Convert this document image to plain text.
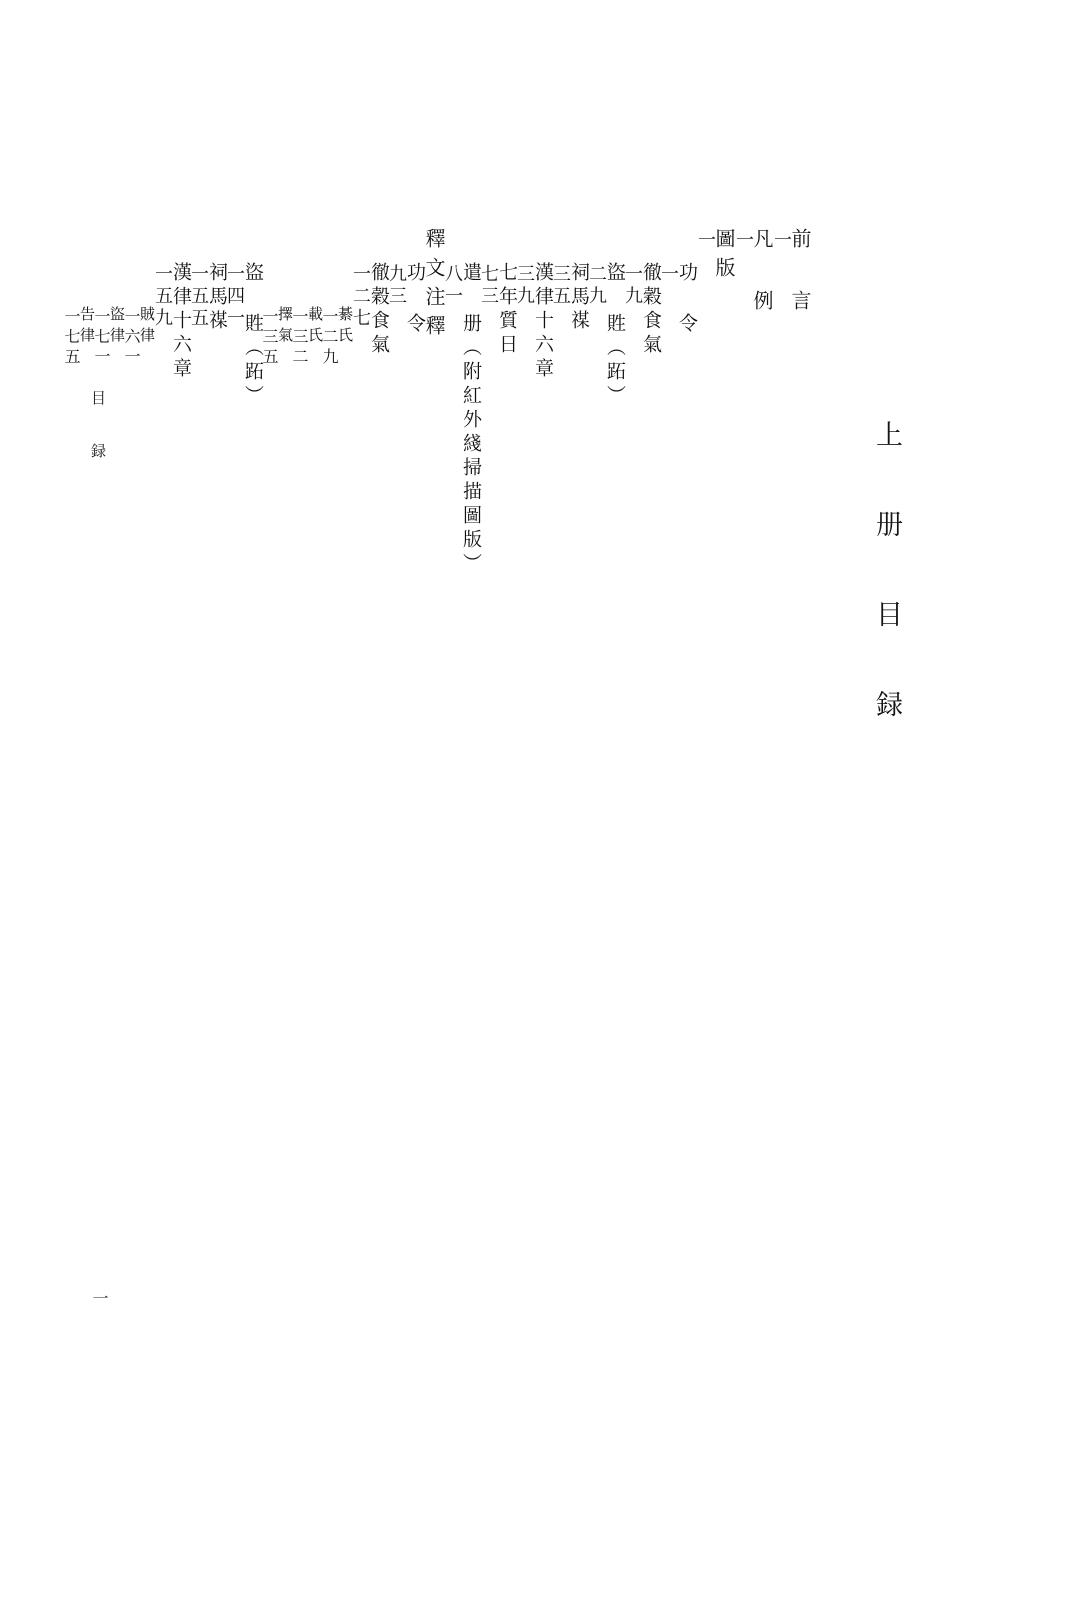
上 册 目 録
目 録
一
前 言
一
凡 例
一
圖版
一
功 令
一
徹穀食氣
一九
盜 貹（跖）
二九
祠馬禖
三五
漢律十六章
三九
七年質日
七三
遣 册（附紅外綫掃描圖版）
八一
釋文注釋
功 令
九三
徹穀食氣
一二七
綦氏
一二九
載氏
一三二
擇氣
一三五
盜 貹（跖）
一四一
祠馬禖
一五五
漢律十六章
一五九
賊律
一六一
盜律
一七一
告律
一七五
